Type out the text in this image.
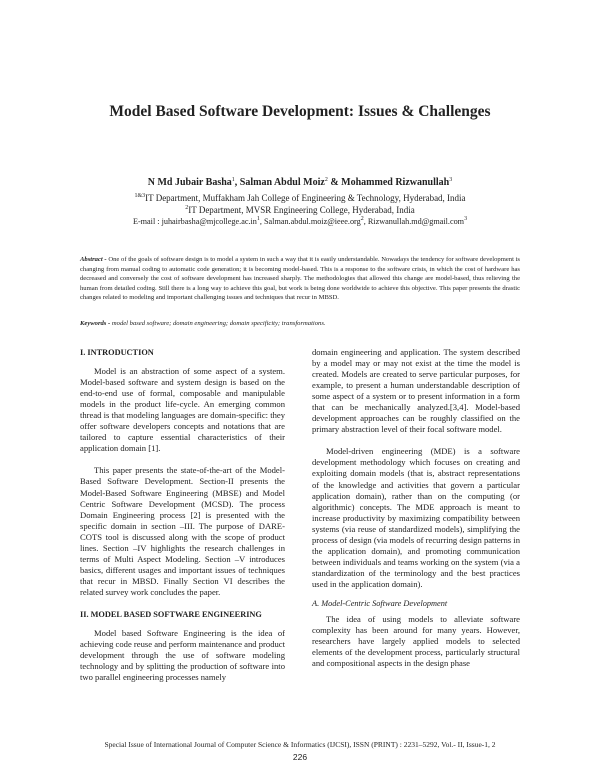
Model Based Software Development: Issues & Challenges
N Md Jubair Basha$^1$, Salman Abdul Moiz$^2$ & Mohammed Rizwanullah$^3$
$^{1\&3}$IT Department, Muffakham Jah College of Engineering & Technology, Hyderabad, India
$^2$IT Department, MVSR Engineering College, Hyderabad, India
E-mail : $juhairbasha@mjcollege.ac.in^1$, Salman.abdul.moiz@ieee.org$^2$, Rizwanullah.md@gmail.com$^3$
Abstract - One of the goals of software design is to model a system in such a way that it is easily understandable. Nowadays the tendency for software development is changing from manual coding to automatic code generation; it is becoming model-based. This is a response to the software crisis, in which the cost of hardware has decreased and conversely the cost of software development has increased sharply. The methodologies that allowed this change are model-based, thus relieving the human from detailed coding. Still there is a long way to achieve this goal, but work is being done worldwide to achieve this objective. This paper presents the drastic changes related to modeling and important challenging issues and techniques that recur in MBSD.
Keywords - model based software; domain engineering; domain specificity; transformations.
I. INTRODUCTION

Model is an abstraction of some aspect of a system. Model-based software and system design is based on the end-to-end use of formal, composable and manipulable models in the product life-cycle. An emerging common thread is that modeling languages are domain-specific: they offer software developers concepts and notations that are tailored to capture essential characteristics of their application domain [1].

This paper presents the state-of-the-art of the Model-Based Software Development. Section-II presents the Model-Based Software Engineering (MBSE) and Model Centric Software Development (MCSD). The process Domain Engineering process [2] is presented with the specific domain in section –III. The purpose of DARE-COTS tool is discussed along with the scope of product lines. Section –IV highlights the research challenges in terms of Multi Aspect Modeling. Section –V introduces basics, different usages and important issues of techniques that recur in MBSD. Finally Section VI describes the related survey work concludes the paper.

II. MODEL BASED SOFTWARE ENGINEERING

Model based Software Engineering is the idea of achieving code reuse and perform maintenance and product development through the use of software modeling technology and by splitting the production of software into two parallel engineering processes namely

domain engineering and application. The system described by a model may or may not exist at the time the model is created. Models are created to serve particular purposes, for example, to present a human understandable description of some aspect of a system or to present information in a form that can be mechanically analyzed.[3,4]. Model-based development approaches can be roughly classified on the primary abstraction level of their focal software model.

Model-driven engineering (MDE) is a software development methodology which focuses on creating and exploiting domain models (that is, abstract representations of the knowledge and activities that govern a particular application domain), rather than on the computing (or algorithmic) concepts. The MDE approach is meant to increase productivity by maximizing compatibility between systems (via reuse of standardized models), simplifying the process of design (via models of recurring design patterns in the application domain), and promoting communication between individuals and teams working on the system (via a standardization of the terminology and the best practices used in the application domain).

A. Model-Centric Software Development

The idea of using models to alleviate software complexity has been around for many years. However, researchers have largely applied models to selected elements of the development process, particularly structural and compositional aspects in the design phase

Special Issue of International Journal of Computer Science & Informatics (IJCSI), ISSN (PRINT) : 2231–5292, Vol.- II, Issue-1, 2
226
